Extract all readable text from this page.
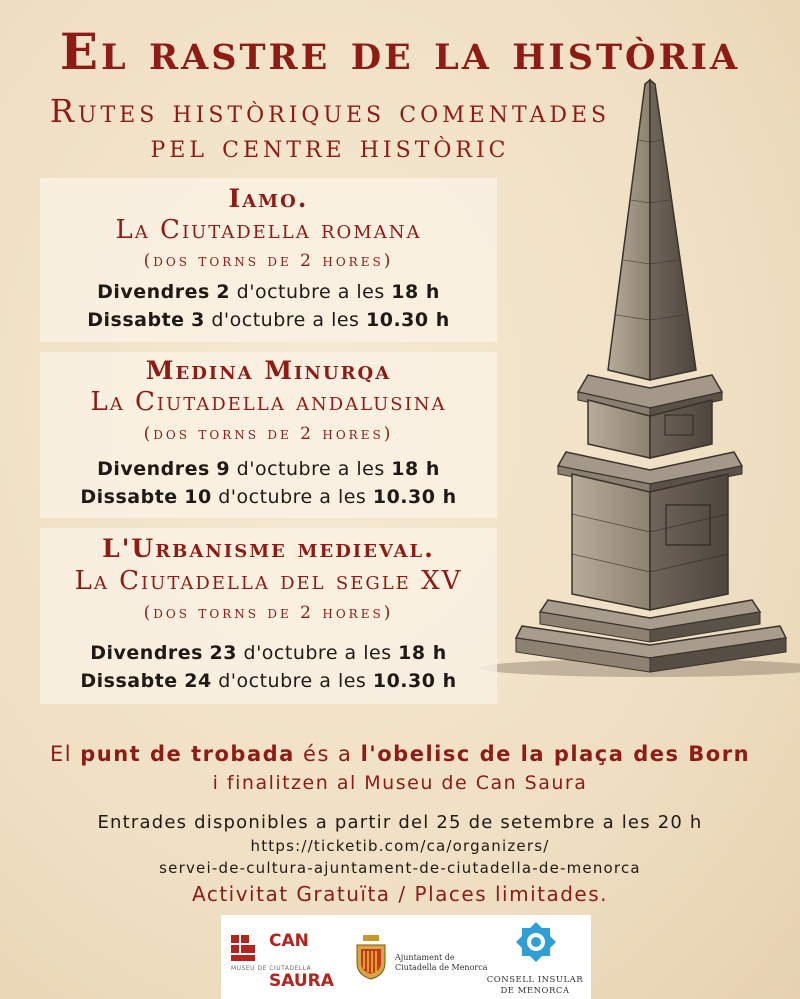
El rastre de la història
Rutes històriques comentades
pel centre històric
Iamo.
La Ciutadella romana
(dos torns de 2 hores)
Divendres 2 d'octubre a les 18 h
Dissabte 3 d'octubre a les 10.30 h
Medina Minurqa
La Ciutadella andalusina
(dos torns de 2 hores)
Divendres 9 d'octubre a les 18 h
Dissabte 10 d'octubre a les 10.30 h
L'Urbanisme medieval.
La Ciutadella del segle XV
(dos torns de 2 hores)
Divendres 23 d'octubre a les 18 h
Dissabte 24 d'octubre a les 10.30 h
El punt de trobada és a l'obelisc de la plaça des Born
i finalitzen al Museu de Can Saura
Entrades disponibles a partir del 25 de setembre a les 20 h
https://ticketib.com/ca/organizers/
servei-de-cultura-ajuntament-de-ciutadella-de-menorca
Activitat Gratuïta / Places limitades.
CAN
MUSEU DE CIUTADELLA
SAURA
Ajuntament de
Ciutadella de Menorca
CONSELL INSULAR
DE MENORCA
